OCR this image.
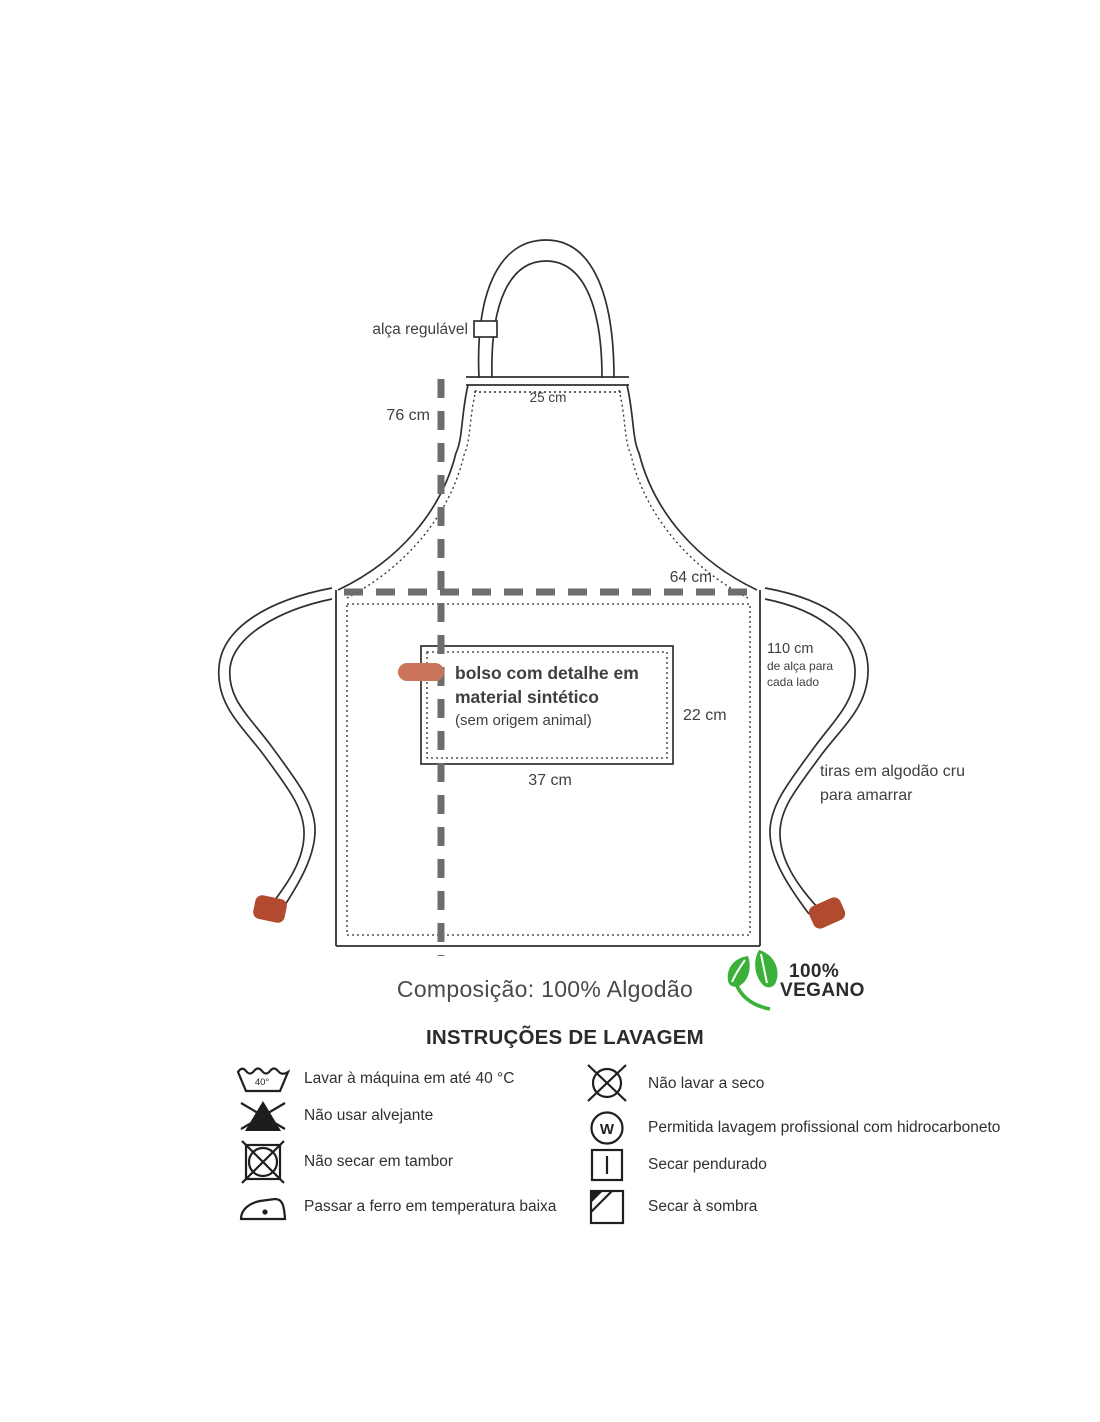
bolso com detalhe em
material sintético
(sem origem animal)
alça regulável
25 cm
76 cm
64 cm
110 cm
de alça para
cada lado
22 cm
37 cm
tiras em algodão cru
para amarrar
Composição: 100% Algodão
100%
VEGANO
INSTRUÇÕES DE LAVAGEM
40° Lavar à máquina em até 40 °C
Não usar alvejante
Não secar em tambor
Passar a ferro em temperatura baixa
Não lavar a seco
W Permitida lavagem profissional com hidrocarboneto
Secar pendurado
Secar à sombra
